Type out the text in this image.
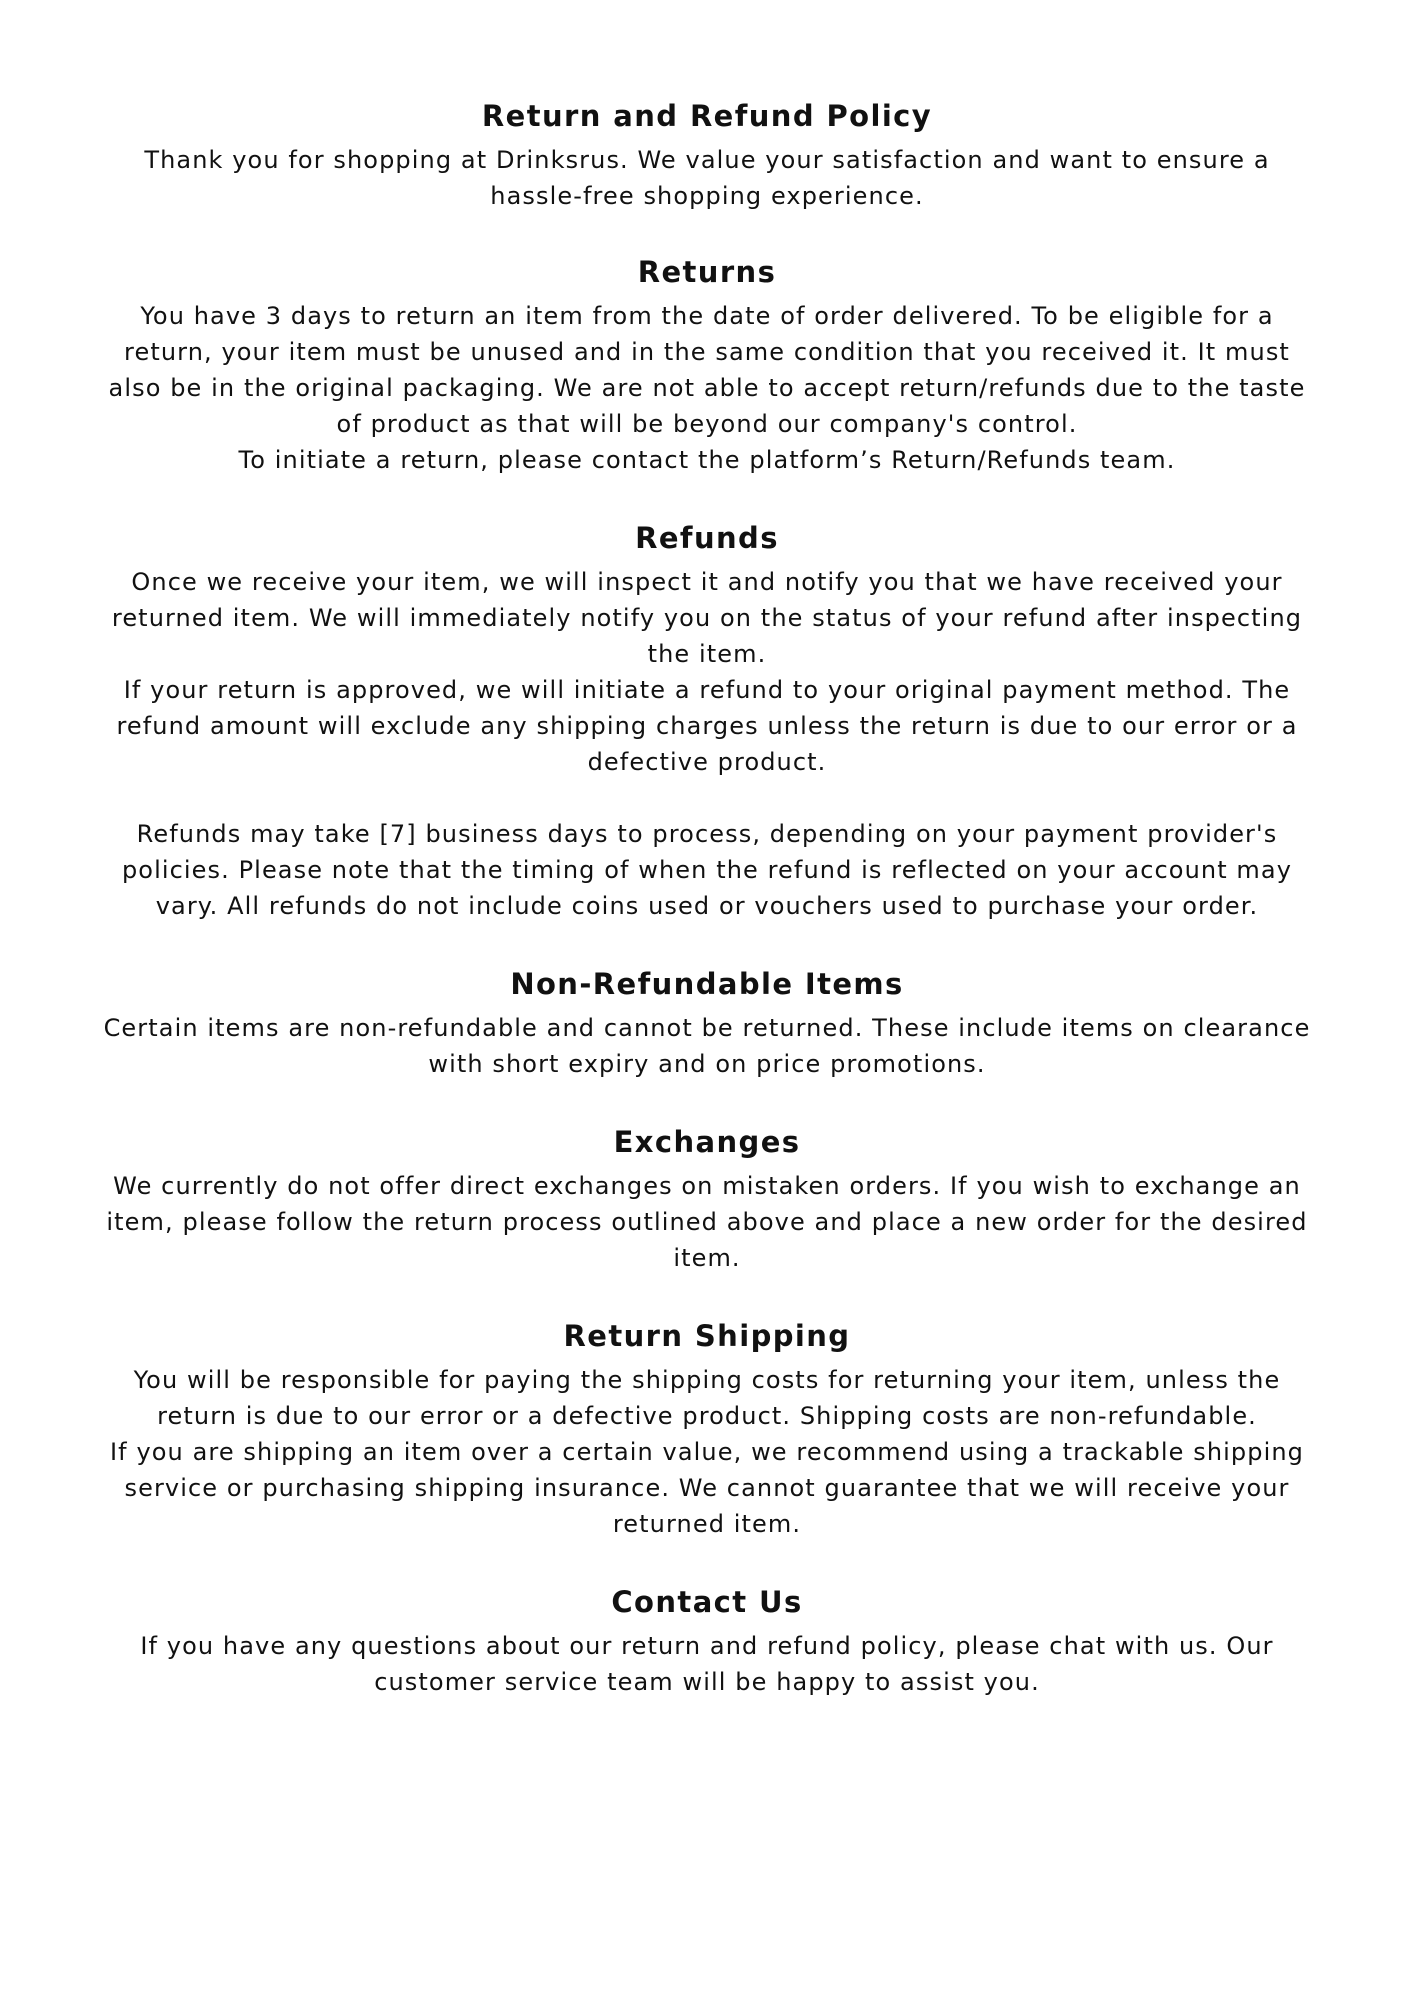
Return and Refund Policy

Thank you for shopping at Drinksrus. We value your satisfaction and want to ensure a hassle-free shopping experience.

Returns

You have 3 days to return an item from the date of order delivered. To be eligible for a return, your item must be unused and in the same condition that you received it. It must also be in the original packaging. We are not able to accept return/refunds due to the taste of product as that will be beyond our company's control.

To initiate a return, please contact the platform’s Return/Refunds team.

Refunds

Once we receive your item, we will inspect it and notify you that we have received your returned item. We will immediately notify you on the status of your refund after inspecting the item.

If your return is approved, we will initiate a refund to your original payment method. The refund amount will exclude any shipping charges unless the return is due to our error or a defective product.

Refunds may take [7] business days to process, depending on your payment provider's policies. Please note that the timing of when the refund is reflected on your account may vary. All refunds do not include coins used or vouchers used to purchase your order.

Non-Refundable Items

Certain items are non-refundable and cannot be returned. These include items on clearance with short expiry and on price promotions.

Exchanges

We currently do not offer direct exchanges on mistaken orders. If you wish to exchange an item, please follow the return process outlined above and place a new order for the desired item.

Return Shipping

You will be responsible for paying the shipping costs for returning your item, unless the return is due to our error or a defective product. Shipping costs are non-refundable.

If you are shipping an item over a certain value, we recommend using a trackable shipping service or purchasing shipping insurance. We cannot guarantee that we will receive your returned item.

Contact Us

If you have any questions about our return and refund policy, please chat with us. Our customer service team will be happy to assist you.
